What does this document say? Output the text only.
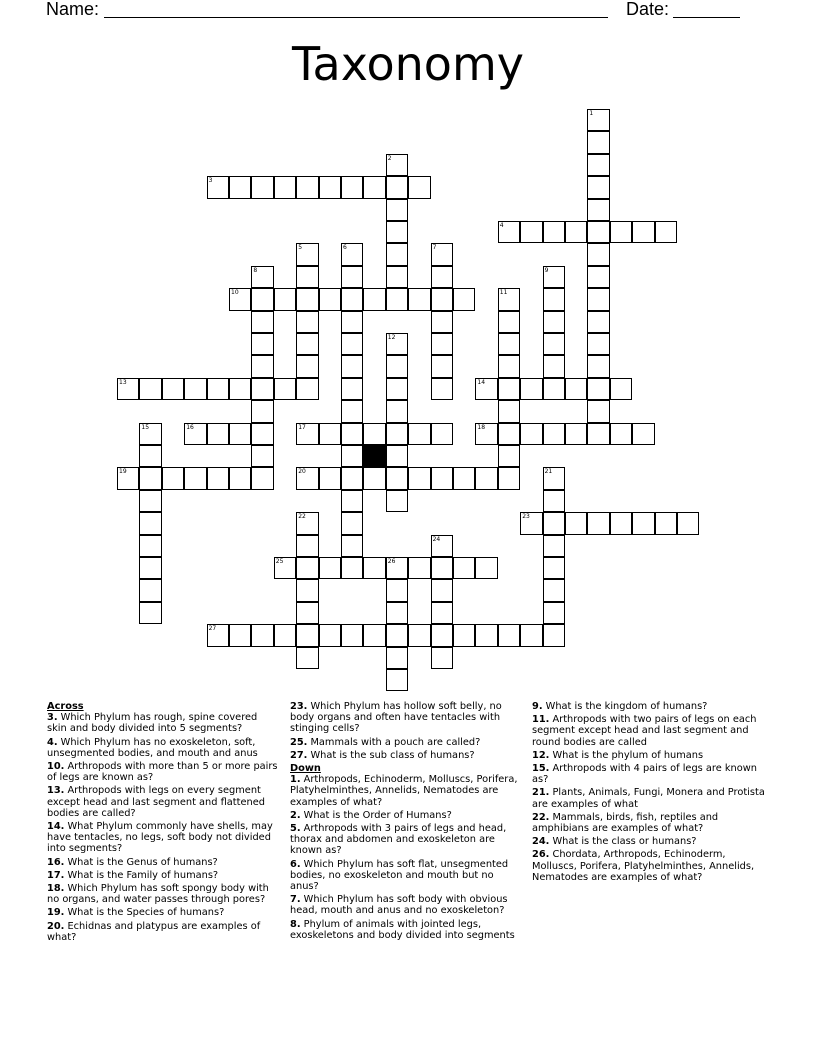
Name:	Date:
Taxonomy
1
2
3
4
5	6	7
8	9
10	11
12
13	14
15	16	17	18
19	20	21
22	23
24
25	26
27
Across
3. Which Phylum has rough, spine covered skin and body divided into 5 segments?
4. Which Phylum has no exoskeleton, soft, unsegmented bodies, and mouth and anus
10. Arthropods with more than 5 or more pairs of legs are known as?
13. Arthropods with legs on every segment except head and last segment and flattened bodies are called?
14. What Phylum commonly have shells, may have tentacles, no legs, soft body not divided into segments?
16. What is the Genus of humans?
17. What is the Family of humans?
18. Which Phylum has soft spongy body with no organs, and water passes through pores?
19. What is the Species of humans?
20. Echidnas and platypus are examples of what?
23. Which Phylum has hollow soft belly, no body organs and often have tentacles with stinging cells?
25. Mammals with a pouch are called?
27. What is the sub class of humans?
Down
1. Arthropods, Echinoderm, Molluscs, Porifera, Platyhelminthes, Annelids, Nematodes are examples of what?
2. What is the Order of Humans?
5. Arthropods with 3 pairs of legs and head, thorax and abdomen and exoskeleton are known as?
6. Which Phylum has soft flat, unsegmented bodies, no exoskeleton and mouth but no anus?
7. Which Phylum has soft body with obvious head, mouth and anus and no exoskeleton?
8. Phylum of animals with jointed legs, exoskeletons and body divided into segments
9. What is the kingdom of humans?
11. Arthropods with two pairs of legs on each segment except head and last segment and round bodies are called
12. What is the phylum of humans
15. Arthropods with 4 pairs of legs are known as?
21. Plants, Animals, Fungi, Monera and Protista are examples of what
22. Mammals, birds, fish, reptiles and amphibians are examples of what?
24. What is the class or humans?
26. Chordata, Arthropods, Echinoderm, Molluscs, Porifera, Platyhelminthes, Annelids, Nematodes are examples of what?
